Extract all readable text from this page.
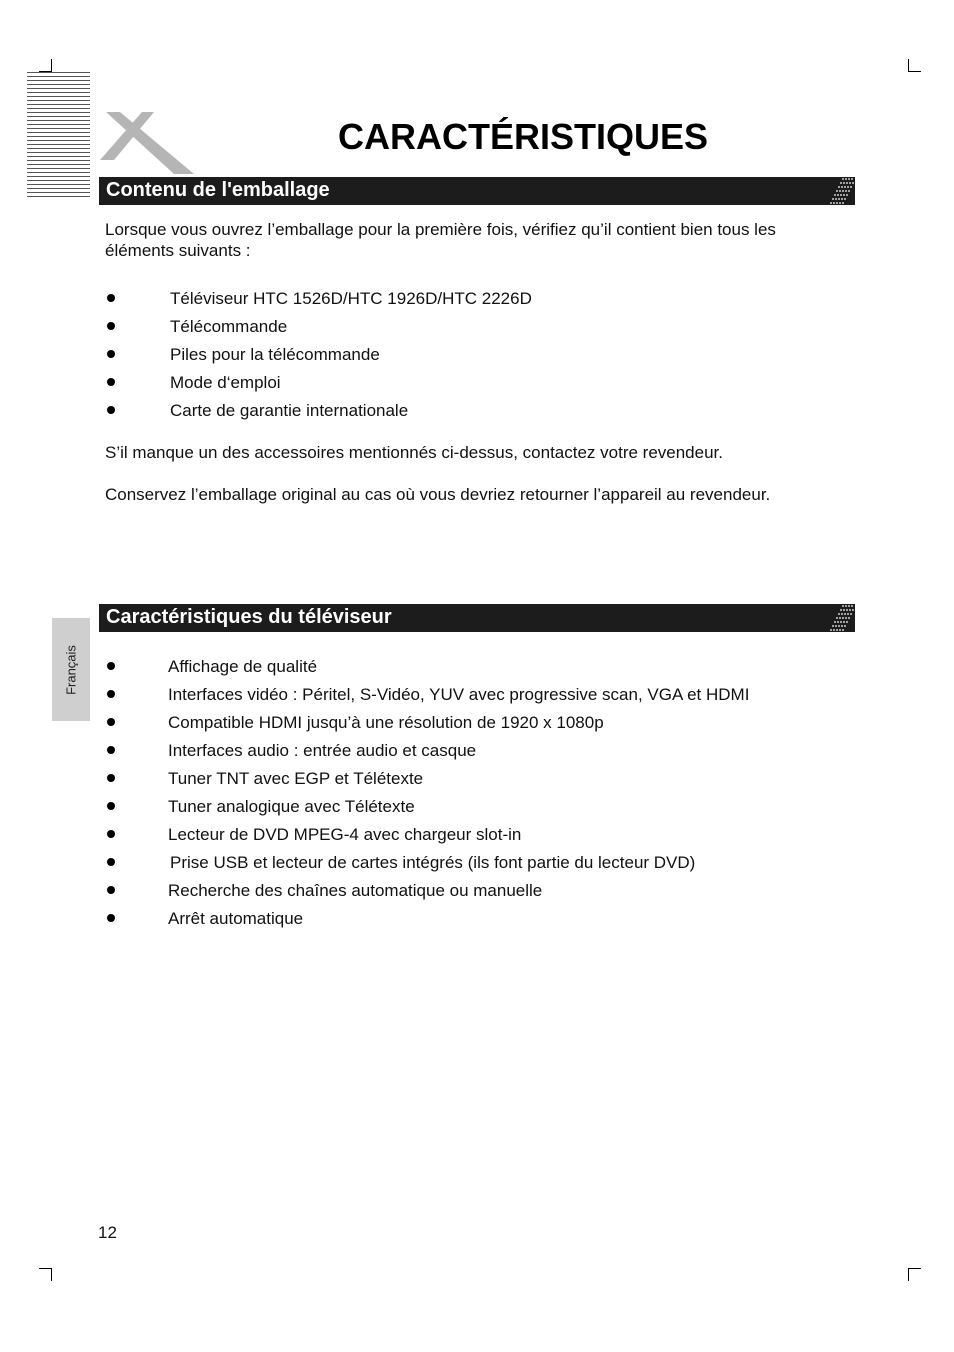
CARACTÉRISTIQUES
Contenu de l'emballage
Lorsque vous ouvrez l’emballage pour la première fois, vérifiez qu’il contient bien tous les éléments suivants :
Téléviseur HTC 1526D/HTC 1926D/HTC 2226D
Télécommande
Piles pour la télécommande
Mode d‘emploi
Carte de garantie internationale
S’il manque un des accessoires mentionnés ci-dessus, contactez votre revendeur.
Conservez l’emballage original au cas où vous devriez retourner l’appareil au revendeur.
Caractéristiques du téléviseur
Français	Affichage de qualité
Interfaces vidéo : Péritel, S-Vidéo, YUV avec progressive scan, VGA et HDMI
Compatible HDMI jusqu’à une résolution de 1920 x 1080p
Interfaces audio : entrée audio et casque
Tuner TNT avec EGP et Télétexte
Tuner analogique avec Télétexte
Lecteur de DVD MPEG-4 avec chargeur slot-in
Prise USB et lecteur de cartes intégrés (ils font partie du lecteur DVD)
Recherche des chaînes automatique ou manuelle
Arrêt automatique
12
